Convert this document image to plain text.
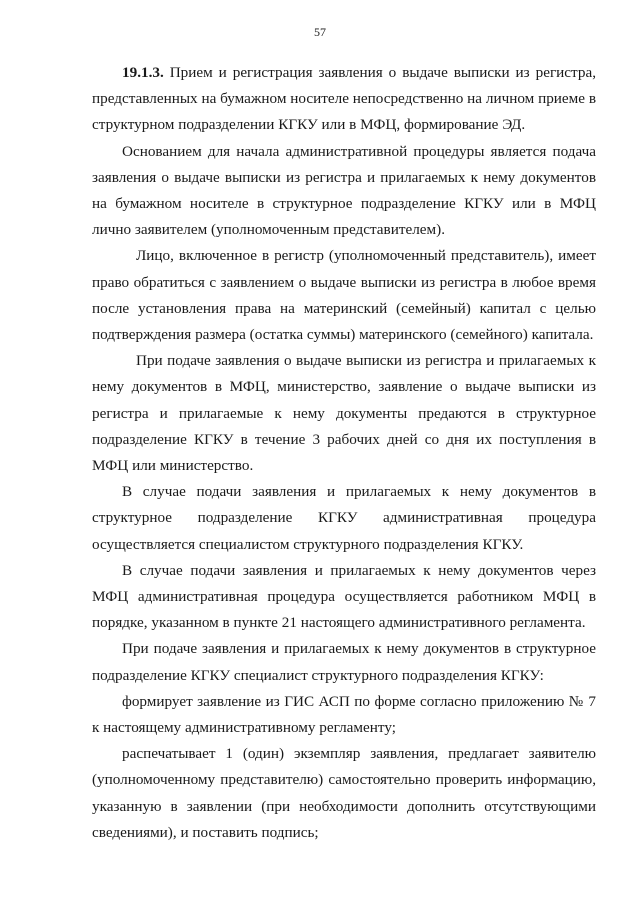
57

19.1.3. Прием и регистрация заявления о выдаче выписки из регистра, представленных на бумажном носителе непосредственно на личном приеме в структурном подразделении КГКУ или в МФЦ, формирование ЭД.

Основанием для начала административной процедуры является подача заявления о выдаче выписки из регистра и прилагаемых к нему документов на бумажном носителе в структурное подразделение КГКУ или в МФЦ лично заявителем (уполномоченным представителем).

Лицо, включенное в регистр (уполномоченный представитель), имеет право обратиться с заявлением о выдаче выписки из регистра в любое время после установления права на материнский (семейный) капитал с целью подтверждения размера (остатка суммы) материнского (семейного) капитала.

При подаче заявления о выдаче выписки из регистра и прилагаемых к нему документов в МФЦ, министерство, заявление о выдаче выписки из регистра и прилагаемые к нему документы предаются в структурное подразделение КГКУ в течение 3 рабочих дней со дня их поступления в МФЦ или министерство.

В случае подачи заявления и прилагаемых к нему документов в структурное подразделение КГКУ административная процедура осуществляется специалистом структурного подразделения КГКУ.

В случае подачи заявления и прилагаемых к нему документов через МФЦ административная процедура осуществляется работником МФЦ в порядке, указанном в пункте 21 настоящего административного регламента.

При подаче заявления и прилагаемых к нему документов в структурное подразделение КГКУ специалист структурного подразделения КГКУ:

формирует заявление из ГИС АСП по форме согласно приложению № 7 к настоящему административному регламенту;

распечатывает 1 (один) экземпляр заявления, предлагает заявителю (уполномоченному представителю) самостоятельно проверить информацию, указанную в заявлении (при необходимости дополнить отсутствующими сведениями), и поставить подпись;
